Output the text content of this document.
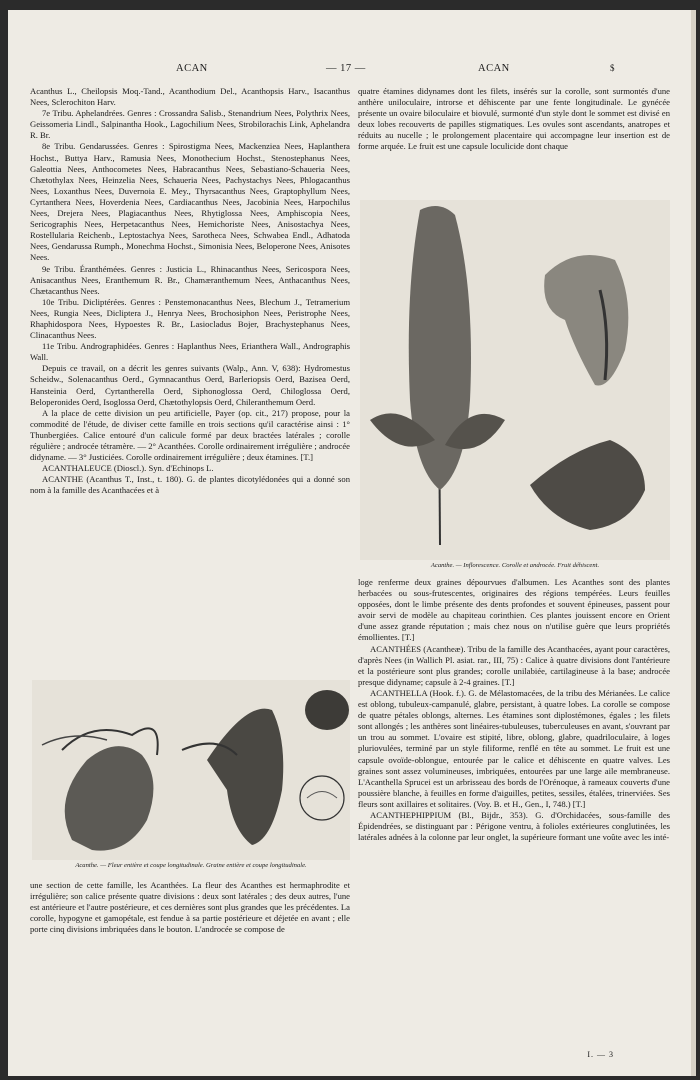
ACAN	— 17 —	ACAN	$

Acanthus L., Cheilopsis Moq.-Tand., Acanthodium Del., Acanthopsis Harv., Isacanthus Nees, Sclerochiton Harv.

7e Tribu. Aphelandrées. Genres : Crossandra Salisb., Stenandrium Nees, Polythrix Nees, Geissomeria Lindl., Salpinantha Hook., Lagochilium Nees, Strobilorachis Link, Aphelandra R. Br.

8e Tribu. Gendarussées. Genres : Spirostigma Nees, Mackenzieа Nees, Haplanthera Hochst., Buttya Harv., Ramusia Nees, Monothecium Hochst., Stenostephanus Nees, Galeottia Nees, Anthocometes Nees, Habracanthus Nees, Sebastiano-Schaueria Nees, Chætothylax Nees, Heinzelia Nees, Schaueria Nees, Pachystachys Nees, Phlogacanthus Nees, Loxanthus Nees, Duvernoia E. Mey., Thyrsacanthus Nees, Graptophyllum Nees, Cyrtanthera Nees, Hoverdenia Nees, Cardiacanthus Nees, Jacobinia Nees, Harpochilus Nees, Drejera Nees, Plagiacanthus Nees, Rhytiglossa Nees, Amphiscopia Nees, Sericographis Nees, Herpetacanthus Nees, Hemichoriste Nees, Anisostachya Nees, Rostellularia Reichenb., Leptostachya Nees, Sarotheca Nees, Schwabea Endl., Adhatoda Nees, Gendarussa Rumph., Monechma Hochst., Simonisia Nees, Beloperone Nees, Anisotes Nees.

9e Tribu. Éranthémées. Genres : Justicia L., Rhinacanthus Nees, Sericospora Nees, Anisacanthus Nees, Eranthemum R. Br., Chamæranthemum Nees, Anthacanthus Nees, Chætacanthus Nees.

10e Tribu. Dicliptérées. Genres : Penstemonacanthus Nees, Blechum J., Tetramerium Nees, Rungia Nees, Dicliptera J., Henrya Nees, Brochosiphon Nees, Peristrophe Nees, Rhaphidospora Nees, Hypoestes R. Br., Lasiocladus Bojer, Brachystephanus Nees, Clinacanthus Nees.

11e Tribu. Andrographidées. Genres : Haplanthus Nees, Erianthera Wall., Andrographis Wall.

Depuis ce travail, on a décrit les genres suivants (Walp., Ann. V, 638): Hydromestus Scheidw., Solenacanthus Oerd., Gymnacanthus Oerd, Barleriopsis Oerd, Bazisea Oerd, Hansteinia Oerd, Cyrtantherella Oerd, Siphonoglossa Oerd, Chiloglossa Oerd, Beloperonides Oerd, Isoglossa Oerd, Chætothylopsis Oerd, Chileranthemum Oerd.

A la place de cette division un peu artificielle, Payer (op. cit., 217) propose, pour la commodité de l'étude, de diviser cette famille en trois sections qu'il caractérise ainsi : 1° Thunbergiées. Calice entouré d'un calicule formé par deux bractées latérales ; corolle régulière ; androcée tétramère. — 2° Acanthées. Corolle ordinairement irrégulière ; androcée didyname. — 3° Justiciées. Corolle ordinairement irrégulière ; deux étamines. [T.]

ACANTHALEUCE (Dioscl.). Syn. d'Echinops L.

ACANTHE (Acanthus T., Inst., t. 180). G. de plantes dicotylédonées qui a donné son nom à la famille des Acanthacées et à

Acanthe. — Fleur entière et coupe longitudinale. Graine entière et coupe longitudinale.

une section de cette famille, les Acanthées. La fleur des Acanthes est hermaphrodite et irrégulière; son calice présente quatre divisions : deux sont latérales ; des deux autres, l'une est antérieure et l'autre postérieure, et ces dernières sont plus grandes que les précédentes. La corolle, hypogyne et gamopétale, est fendue à sa partie postérieure et déjetée en avant ; elle porte cinq divisions imbriquées dans le bouton. L'androcée se compose de

quatre étamines didynames dont les filets, insérés sur la corolle, sont surmontés d'une anthère uniloculaire, introrse et déhiscente par une fente longitudinale. Le gynécée présente un ovaire biloculaire et biovulé, surmonté d'un style dont le sommet est divisé en deux lobes recouverts de papilles stigmatiques. Les ovules sont ascendants, anatropes et réduits au nucelle ; le prolongement placentaire qui accompagne leur insertion est de forme arquée. Le fruit est une capsule loculicide dont chaque

Acanthe. — Inflorescence. Corolle et androcée. Fruit déhiscent.

loge renferme deux graines dépourvues d'albumen. Les Acanthes sont des plantes herbacées ou sous-frutescentes, originaires des régions tempérées. Leurs feuilles opposées, dont le limbe présente des dents profondes et souvent épineuses, passent pour avoir servi de modèle au chapiteau corinthien. Ces plantes jouissent encore en Orient d'une assez grande réputation ; mais chez nous on n'utilise guère que leurs propriétés émollientes. [T.]

ACANTHÉES (Acantheæ). Tribu de la famille des Acanthacées, ayant pour caractères, d'après Nees (in Wallich Pl. asiat. rar., III, 75) : Calice à quatre divisions dont l'antérieure et la postérieure sont plus grandes; corolle unilabiée, cartilagineuse à la base; androcée presque didyname; capsule à 2-4 graines. [T.]

ACANTHELLA (Hook. f.). G. de Mélastomacées, de la tribu des Mérianées. Le calice est oblong, tubuleux-campanulé, glabre, persistant, à quatre lobes. La corolle se compose de quatre pétales oblongs, alternes. Les étamines sont diplostémones, égales ; les filets sont allongés ; les anthères sont linéaires-tubuleuses, tuberculeuses en avant, s'ouvrant par un trou au sommet. L'ovaire est stipité, libre, oblong, glabre, quadriloculaire, à loges pluriovulées, terminé par un style filiforme, renflé en tête au sommet. Le fruit est une capsule ovoïde-oblongue, entourée par le calice et déhiscente en quatre valves. Les graines sont assez volumineuses, imbriquées, entourées par une large aile membraneuse. L'Acanthella Sprucei est un arbrisseau des bords de l'Orénoque, à rameaux couverts d'une poussière blanche, à feuilles en forme d'aiguilles, petites, sessiles, étalées, trinerviées. Ses fleurs sont axillaires et solitaires. (Voy. B. et H., Gen., I, 748.) [T.]

ACANTHEPHIPPIUM (Bl., Bijdr., 353). G. d'Orchidacées, sous-famille des Épidendrées, se distinguant par : Périgone ventru, à folioles extérieures conglutinées, les latérales adnées à la colonne par leur onglet, la supérieure formant une voûte avec les inté-

I. — 3
